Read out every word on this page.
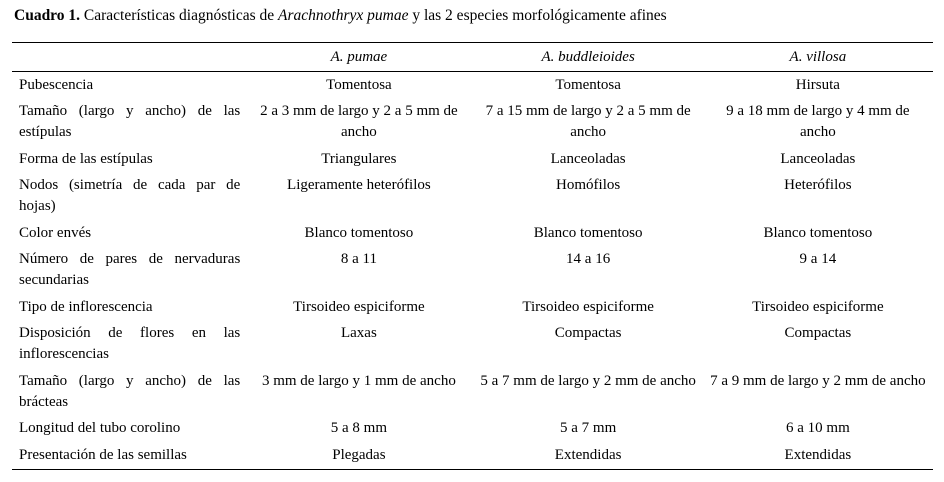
Cuadro 1. Características diagnósticas de Arachnothryx pumae y las 2 especies morfológicamente afines
	A. pumae	A. buddleioides	A. villosa
Pubescencia	Tomentosa	Tomentosa	Hirsuta
Tamaño (largo y ancho) de las estípulas	2 a 3 mm de largo y 2 a 5 mm de ancho	7 a 15 mm de largo y 2 a 5 mm de ancho	9 a 18 mm de largo y 4 mm de ancho
Forma de las estípulas	Triangulares	Lanceoladas	Lanceoladas
Nodos (simetría de cada par de hojas)	Ligeramente heterófilos	Homófilos	Heterófilos
Color envés	Blanco tomentoso	Blanco tomentoso	Blanco tomentoso
Número de pares de nervaduras secundarias	8 a 11	14 a 16	9 a 14
Tipo de inflorescencia	Tirsoideo espiciforme	Tirsoideo espiciforme	Tirsoideo espiciforme
Disposición de flores en las inflorescencias	Laxas	Compactas	Compactas
Tamaño (largo y ancho) de las brácteas	3 mm de largo y 1 mm de ancho	5 a 7 mm de largo y 2 mm de ancho	7 a 9 mm de largo y 2 mm de ancho
Longitud del tubo corolino	5 a 8 mm	5 a 7 mm	6 a 10 mm
Presentación de las semillas	Plegadas	Extendidas	Extendidas
